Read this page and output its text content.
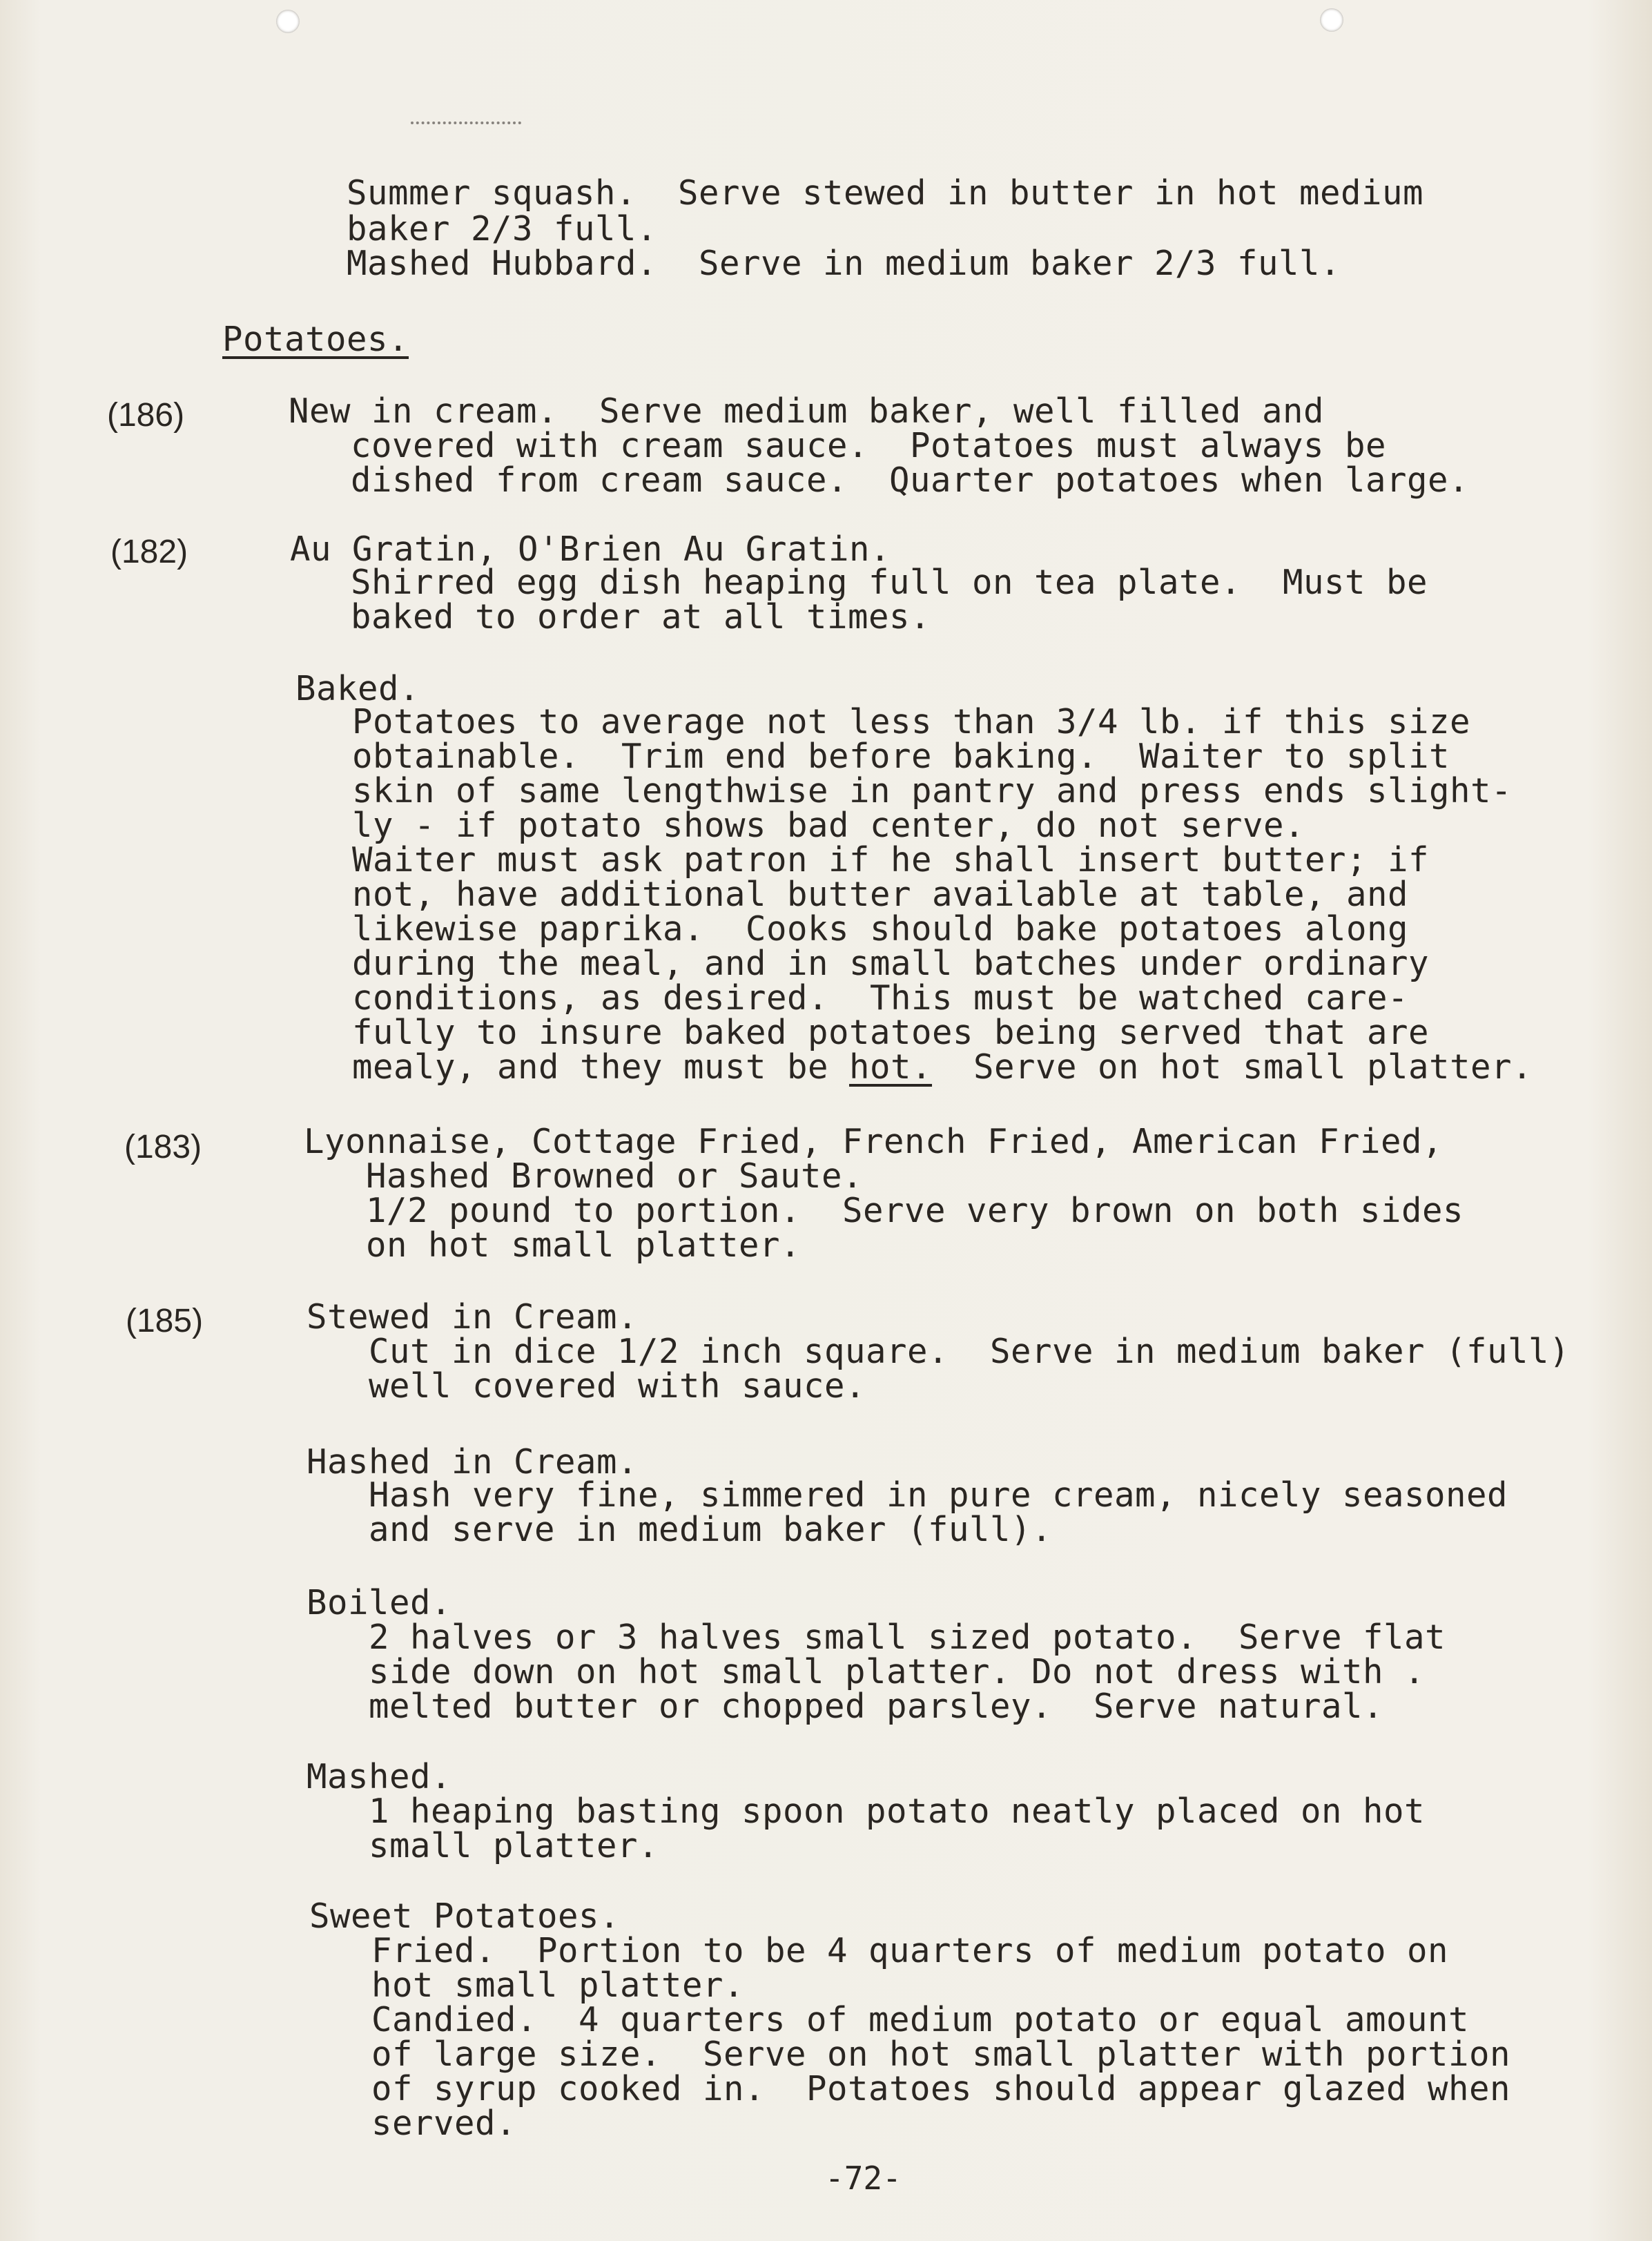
Summer squash.  Serve stewed in butter in hot medium
baker 2/3 full.
Mashed Hubbard.  Serve in medium baker 2/3 full.
Potatoes.
(186)	New in cream.  Serve medium baker, well filled and
covered with cream sauce.  Potatoes must always be
dished from cream sauce.  Quarter potatoes when large.
(182)	Au Gratin, O'Brien Au Gratin.
Shirred egg dish heaping full on tea plate.  Must be
baked to order at all times.
Baked.
Potatoes to average not less than 3/4 lb. if this size
obtainable.  Trim end before baking.  Waiter to split
skin of same lengthwise in pantry and press ends slight-
ly - if potato shows bad center, do not serve.
Waiter must ask patron if he shall insert butter; if
not, have additional butter available at table, and
likewise paprika.  Cooks should bake potatoes along
during the meal, and in small batches under ordinary
conditions, as desired.  This must be watched care-
fully to insure baked potatoes being served that are
mealy, and they must be hot.  Serve on hot small platter.
(183)	Lyonnaise, Cottage Fried, French Fried, American Fried,
Hashed Browned or Saute.
1/2 pound to portion.  Serve very brown on both sides
on hot small platter.
(185)	Stewed in Cream.
Cut in dice 1/2 inch square.  Serve in medium baker (full)
well covered with sauce.
Hashed in Cream.
Hash very fine, simmered in pure cream, nicely seasoned
and serve in medium baker (full).
Boiled.
2 halves or 3 halves small sized potato.  Serve flat
side down on hot small platter. Do not dress with .
melted butter or chopped parsley.  Serve natural.
Mashed.
1 heaping basting spoon potato neatly placed on hot
small platter.
Sweet Potatoes.
Fried.  Portion to be 4 quarters of medium potato on
hot small platter.
Candied.  4 quarters of medium potato or equal amount
of large size.  Serve on hot small platter with portion
of syrup cooked in.  Potatoes should appear glazed when
served.
-72-
